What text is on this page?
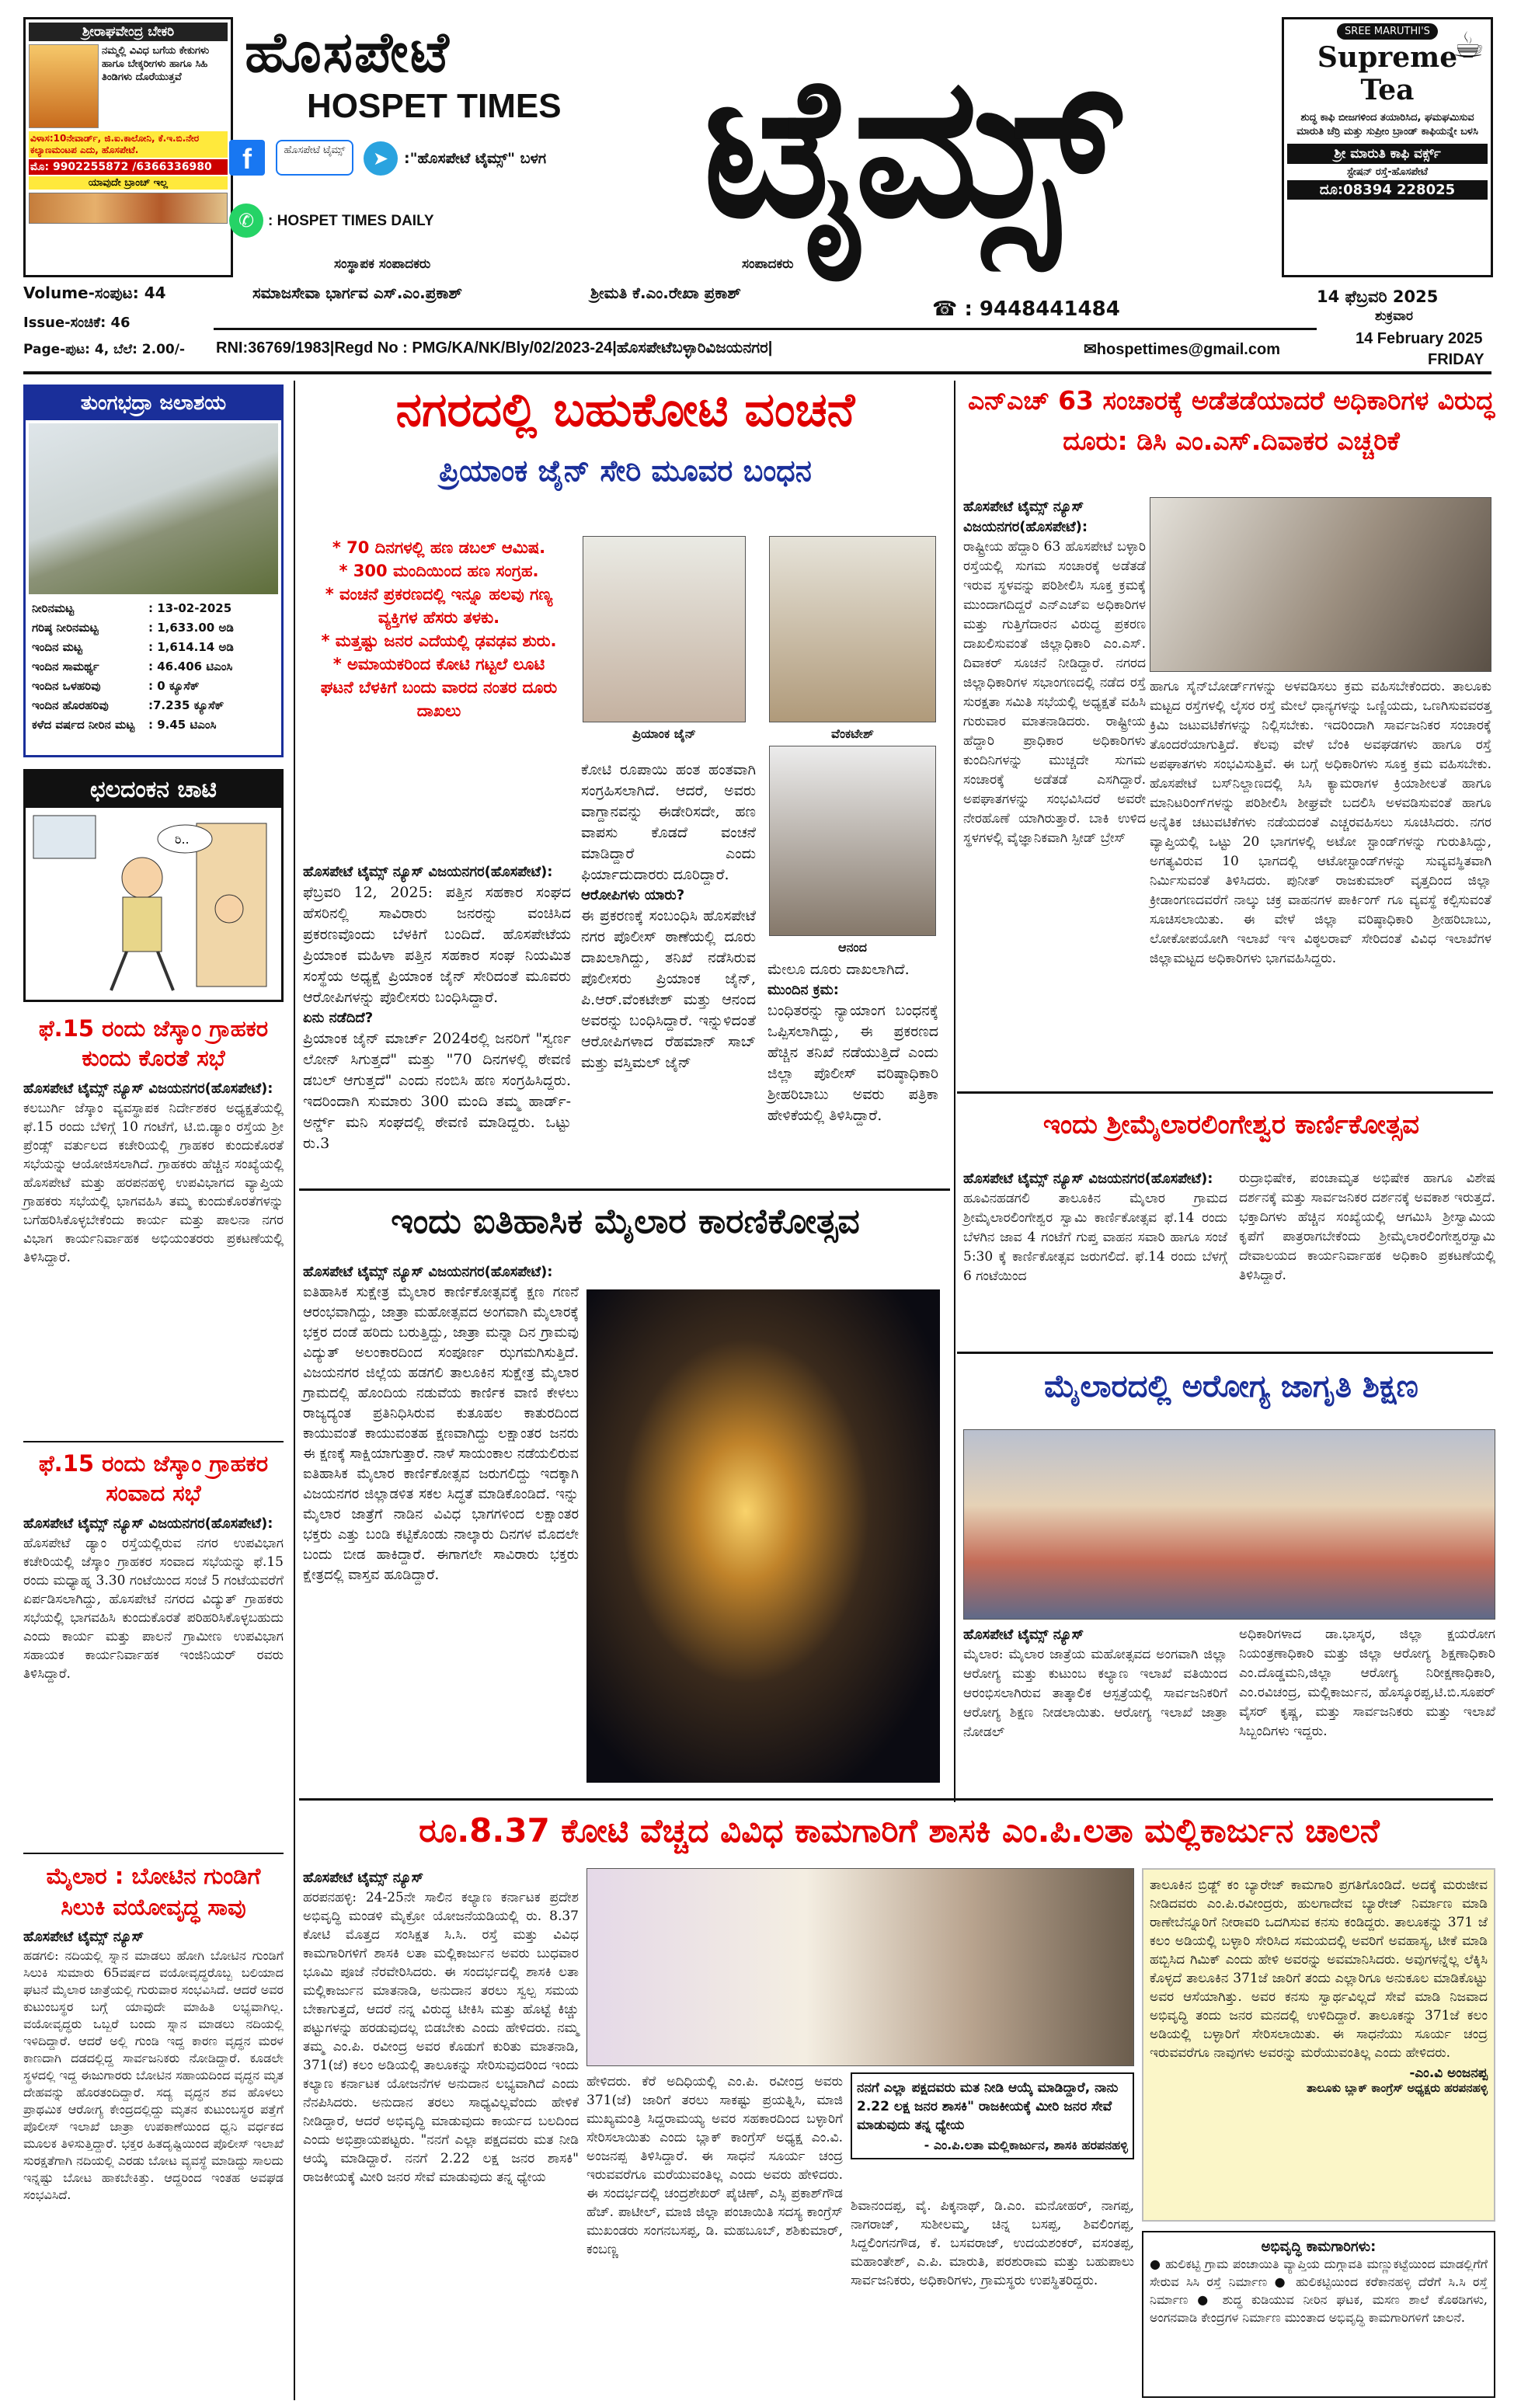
ಶ್ರೀರಾಘವೇಂದ್ರ ಬೇಕರಿ
ನಮ್ಮಲ್ಲಿ ವಿವಿಧ ಬಗೆಯ ಕೇಕುಗಳು ಹಾಗೂ ಬೇಕ್ಕರೀಗಳು ಹಾಗೂ ಸಿಹಿ ತಿಂಡಿಗಳು ದೊರೆಯುತ್ತವೆ
ವಿಳಾಸ:10ನೇವಾರ್ಡ್, ಜಿ.ಐ.ಕಾಲೋನಿ, ಕೆ.ಇ.ಬಿ.ನೇರ ಕಲ್ಯಾಣಮಂಟಪ ಎದು, ಹೊಸಪೇಟೆ.
ಮೊ: 9902255872 /6366336980
ಯಾವುದೇ ಬ್ರಾಂಚ್ ಇಲ್ಲ
ಹೊಸಪೇಟೆ
HOSPET TIMES ಟೈಮ್ಸ್
f	ಹೊಸಪೇಟೆ ಟೈಮ್ಸ್	➤	:"ಹೊಸಪೇಟೆ ಟೈಮ್ಸ್" ಬಳಗ
✆ : HOSPET TIMES DAILY
ಸಂಸ್ಥಾಪಕ ಸಂಪಾದಕರು	ಸಂಪಾದಕರು
ಸಮಾಜಸೇವಾ ಭಾರ್ಗವ ಎಸ್.ಎಂ.ಪ್ರಕಾಶ್	ಶ್ರೀಮತಿ ಕೆ.ಎಂ.ರೇಖಾ ಪ್ರಕಾಶ್
☎ : 9448441484
SREE MARUTHI'S
Supreme Tea
☕
ಶುದ್ಧ ಕಾಫಿ ಬೀಜಗಳಿಂದ ತಯಾರಿಸಿದ, ಘಮಘಮಿಸುವ ಮಾರುತಿ ಚೆರ್ರಿ ಮತ್ತು ಸುಪ್ರೀಂ ಬ್ರಾಂಡ್ ಕಾಫಿಯನ್ನೇ ಬಳಸಿ
ಶ್ರೀ ಮಾರುತಿ ಕಾಫಿ ವರ್ಕ್ಸ್
ಸ್ಟೇಷನ್ ರಸ್ತೆ-ಹೊಸಪೇಟೆ
ದೂ:08394 228025
14 ಫೆಬ್ರವರಿ 2025
ಶುಕ್ರವಾರ
Volume-ಸಂಪುಟ: 44
Issue-ಸಂಚಿಕೆ: 46
Page-ಪುಟ: 4, ಬೆಲೆ: 2.00/- RNI:36769/1983|Regd No : PMG/KA/NK/Bly/02/2023-24|ಹೊಸಪೇಟೆಬಳ್ಳಾರಿವಿಜಯನಗರ|	✉hospettimes@gmail.com
14 February 2025
FRIDAY
ತುಂಗಭದ್ರಾ ಜಲಾಶಯ
ನೀರಿನಮಟ್ಟ	: 13-02-2025
ಗರಿಷ್ಠ ನೀರಿನಮಟ್ಟ	: 1,633.00 ಅಡಿ
ಇಂದಿನ ಮಟ್ಟ	: 1,614.14 ಅಡಿ
ಇಂದಿನ ಸಾಮರ್ಥ್ಯ	: 46.406 ಟಿಎಂಸಿ
ಇಂದಿನ ಒಳಹರಿವು	: 0 ಕ್ಯೂಸೆಕ್
ಇಂದಿನ ಹೊರಹರಿವು	:7.235 ಕ್ಯೂಸೆಕ್
ಕಳೆದ ವರ್ಷದ ನೀರಿನ ಮಟ್ಟ	: 9.45 ಟಿಎಂಸಿ
ಛಲದಂಕನ ಚಾಟಿ
ರಿ..
ಫೆ.15 ರಂದು ಜೆಸ್ಕಾಂ ಗ್ರಾಹಕರ ಕುಂದು ಕೊರತೆ ಸಭೆ
ಹೊಸಪೇಟೆ ಟೈಮ್ಸ್ ನ್ಯೂಸ್ ವಿಜಯನಗರ(ಹೊಸಪೇಟೆ):
ಕಲಬುರ್ಗಿ ಜೆಸ್ಕಾಂ ವ್ಯವಸ್ಥಾಪಕ ನಿರ್ದೇಶಕರ ಅಧ್ಯಕ್ಷತೆಯಲ್ಲಿ ಫೆ.15 ರಂದು ಬೆಳಿಗ್ಗೆ 10 ಗಂಟೆಗೆ, ಟಿ.ಬಿ.ಡ್ಯಾಂ ರಸ್ತೆಯ ಶ್ರೀ ಪ್ರೆಂಡ್ಸ್ ವರ್ತುಲದ ಕಚೇರಿಯಲ್ಲಿ ಗ್ರಾಹಕರ ಕುಂದುಕೊರತೆ ಸಭೆಯನ್ನು ಆಯೋಜಿಸಲಾಗಿದೆ. ಗ್ರಾಹಕರು ಹೆಚ್ಚಿನ ಸಂಖ್ಯೆಯಲ್ಲಿ ಹೊಸಪೇಟೆ ಮತ್ತು ಹರಪನಹಳ್ಳಿ ಉಪವಿಭಾಗದ ವ್ಯಾಪ್ತಿಯ ಗ್ರಾಹಕರು ಸಭೆಯಲ್ಲಿ ಭಾಗವಹಿಸಿ ತಮ್ಮ ಕುಂದುಕೊರತೆಗಳನ್ನು ಬಗೆಹರಿಸಿಕೊಳ್ಳಬೇಕೆಂದು ಕಾರ್ಯ ಮತ್ತು ಪಾಲನಾ ನಗರ ವಿಭಾಗ ಕಾರ್ಯನಿರ್ವಾಹಕ ಅಭಿಯಂತರರು ಪ್ರಕಟಣೆಯಲ್ಲಿ ತಿಳಿಸಿದ್ದಾರೆ.
ಫೆ.15 ರಂದು ಜೆಸ್ಕಾಂ ಗ್ರಾಹಕರ ಸಂವಾದ ಸಭೆ
ಹೊಸಪೇಟೆ ಟೈಮ್ಸ್ ನ್ಯೂಸ್ ವಿಜಯನಗರ(ಹೊಸಪೇಟೆ):
ಹೊಸಪೇಟೆ ಡ್ಯಾಂ ರಸ್ತೆಯಲ್ಲಿರುವ ನಗರ ಉಪವಿಭಾಗ ಕಚೇರಿಯಲ್ಲಿ ಜೆಸ್ಕಾಂ ಗ್ರಾಹಕರ ಸಂವಾದ ಸಭೆಯನ್ನು ಫೆ.15 ರಂದು ಮಧ್ಯಾಹ್ನ 3.30 ಗಂಟೆಯಿಂದ ಸಂಜೆ 5 ಗಂಟೆಯವರೆಗೆ ಏರ್ಪಡಿಸಲಾಗಿದ್ದು, ಹೊಸಪೇಟೆ ನಗರದ ವಿದ್ಯುತ್ ಗ್ರಾಹಕರು ಸಭೆಯಲ್ಲಿ ಭಾಗವಹಿಸಿ ಕುಂದುಕೊರತೆ ಪರಿಹರಿಸಿಕೊಳ್ಳಬಹುದು ಎಂದು ಕಾರ್ಯ ಮತ್ತು ಪಾಲನೆ ಗ್ರಾಮೀಣ ಉಪವಿಭಾಗ ಸಹಾಯಕ ಕಾರ್ಯನಿರ್ವಾಹಕ ಇಂಜಿನಿಯರ್ ರವರು ತಿಳಿಸಿದ್ದಾರೆ.
ಮೈಲಾರ : ಬೋಟಿನ ಗುಂಡಿಗೆ ಸಿಲುಕಿ ವಯೋವೃದ್ಧ ಸಾವು
ಹೊಸಪೇಟೆ ಟೈಮ್ಸ್ ನ್ಯೂಸ್
ಹಡಗಲಿ: ನದಿಯಲ್ಲಿ ಸ್ನಾನ ಮಾಡಲು ಹೋಗಿ ಬೋಟಿನ ಗುಂಡಿಗೆ ಸಿಲುಕಿ ಸುಮಾರು 65ವರ್ಷದ ವಯೋವೃದ್ಧರೊಬ್ಬ ಬಲಿಯಾದ ಘಟನೆ ಮೈಲಾರ ಜಾತ್ರೆಯಲ್ಲಿ ಗುರುವಾರ ಸಂಭವಿಸಿದೆ. ಆದರೆ ಅವರ ಕುಟುಂಬಸ್ಥರ ಬಗ್ಗೆ ಯಾವುದೇ ಮಾಹಿತಿ ಲಭ್ಯವಾಗಿಲ್ಲ. ವಯೋವೃದ್ಧರು ಒಬ್ಬರೆ ಬಂದು ಸ್ನಾನ ಮಾಡಲು ನದಿಯಲ್ಲಿ ಇಳಿದಿದ್ದಾರೆ. ಆದರೆ ಅಲ್ಲಿ ಗುಂಡಿ ಇದ್ದ ಕಾರಣ ವೃದ್ಧನ ಮರಳ ಕಾಣದಾಗಿ ದಡದಲ್ಲಿದ್ದ ಸಾರ್ವಜನಿಕರು ನೋಡಿದ್ದಾರೆ. ಕೂಡಲೇ ಸ್ಥಳದಲ್ಲಿ ಇದ್ದ ಈಜುಗಾರರು ಬೋಟಿನ ಸಹಾಯದಿಂದ ವೃದ್ಧನ ಮೃತ ದೇಹವನ್ನು ಹೊರತಂದಿದ್ದಾರೆ. ಸದ್ಯ ವೃದ್ಧನ ಶವ ಹೊಳಲು ಪ್ರಾಥಮಿಕ ಆರೋಗ್ಯ ಕೇಂದ್ರದಲ್ಲಿದ್ದು ಮೃತನ ಕುಟುಂಬಸ್ಥರ ಪತ್ತೆಗೆ ಪೊಲೀಸ್ ಇಲಾಖೆ ಜಾತ್ರಾ ಉಪಕಾಣೆಯಿಂದ ಧ್ವನಿ ವರ್ಧಕದ ಮೂಲಕ ತಿಳಿಸುತ್ತಿದ್ದಾರೆ. ಭಕ್ತರ ಹಿತದೃಷ್ಟಿಯಿಂದ ಪೊಲೀಸ್ ಇಲಾಖೆ ಸುರಕ್ಷತೆಗಾಗಿ ನದಿಯಲ್ಲಿ ಎರಡು ಬೋಟ ವ್ಯವಸ್ಥೆ ಮಾಡಿದ್ದು ಸಾಲದು ಇನ್ನಷ್ಟು ಬೋಟ ಹಾಕಬೇಕಿತ್ತು. ಆದ್ದರಿಂದ ಇಂತಹ ಅವಘಡ ಸಂಭವಿಸಿದೆ.
ನಗರದಲ್ಲಿ ಬಹುಕೋಟಿ ವಂಚನೆ
ಪ್ರಿಯಾಂಕ ಜೈನ್ ಸೇರಿ ಮೂವರ ಬಂಧನ
* 70 ದಿನಗಳಲ್ಲಿ ಹಣ ಡಬಲ್ ಆಮಿಷ.
* 300 ಮಂದಿಯಿಂದ ಹಣ ಸಂಗ್ರಹ.
* ವಂಚನೆ ಪ್ರಕರಣದಲ್ಲಿ ಇನ್ನೂ ಹಲವು ಗಣ್ಯ ವ್ಯಕ್ತಿಗಳ ಹೆಸರು ತಳಕು.
* ಮತ್ತಷ್ಟು ಜನರ ಎದೆಯಲ್ಲಿ ಢವಢವ ಶುರು.
* ಅಮಾಯಕರಿಂದ ಕೋಟಿ ಗಟ್ಟಲೆ ಲೂಟಿ
ಘಟನೆ ಬೆಳಕಿಗೆ ಬಂದು ವಾರದ ನಂತರ ದೂರು ದಾಖಲು
ಪ್ರಿಯಾಂಕ ಜೈನ್	ವೆಂಕಟೇಶ್
ಆನಂದ
ಹೊಸಪೇಟೆ ಟೈಮ್ಸ್ ನ್ಯೂಸ್ ವಿಜಯನಗರ(ಹೊಸಪೇಟೆ):
ಫೆಬ್ರವರಿ 12, 2025: ಪತ್ತಿನ ಸಹಕಾರ ಸಂಘದ ಹೆಸರಿನಲ್ಲಿ ಸಾವಿರಾರು ಜನರನ್ನು ವಂಚಿಸಿದ ಪ್ರಕರಣವೊಂದು ಬೆಳಕಿಗೆ ಬಂದಿದೆ. ಹೊಸಪೇಟೆಯ ಪ್ರಿಯಾಂಕ ಮಹಿಳಾ ಪತ್ತಿನ ಸಹಕಾರ ಸಂಘ ನಿಯಮಿತ ಸಂಸ್ಥೆಯ ಅಧ್ಯಕ್ಷೆ ಪ್ರಿಯಾಂಕ ಜೈನ್ ಸೇರಿದಂತೆ ಮೂವರು ಆರೋಪಿಗಳನ್ನು ಪೊಲೀಸರು ಬಂಧಿಸಿದ್ದಾರೆ.
ಏನು ನಡೆದಿದೆ?
ಪ್ರಿಯಾಂಕ ಜೈನ್ ಮಾರ್ಚ್ 2024ರಲ್ಲಿ ಜನರಿಗೆ "ಸ್ವರ್ಣ ಲೋನ್ ಸಿಗುತ್ತದೆ" ಮತ್ತು "70 ದಿನಗಳಲ್ಲಿ ಠೇವಣಿ ಡಬಲ್ ಆಗುತ್ತದೆ" ಎಂದು ನಂಬಿಸಿ ಹಣ ಸಂಗ್ರಹಿಸಿದ್ದರು. ಇದರಿಂದಾಗಿ ಸುಮಾರು 300 ಮಂದಿ ತಮ್ಮ ಹಾರ್ಡ್-ಅರ್ನ್ಡ್ ಮನಿ ಸಂಘದಲ್ಲಿ ಠೇವಣಿ ಮಾಡಿದ್ದರು. ಒಟ್ಟು ರು.3
ಕೋಟಿ ರೂಪಾಯಿ ಹಂತ ಹಂತವಾಗಿ ಸಂಗ್ರಹಿಸಲಾಗಿದೆ. ಆದರೆ, ಅವರು ವಾಗ್ದಾನವನ್ನು ಈಡೇರಿಸದೇ, ಹಣ ವಾಪಸು ಕೊಡದೆ ವಂಚನೆ ಮಾಡಿದ್ದಾರೆ ಎಂದು ಫಿರ್ಯಾದುದಾರರು ದೂರಿದ್ದಾರೆ.
ಆರೋಪಿಗಳು ಯಾರು?
ಈ ಪ್ರಕರಣಕ್ಕೆ ಸಂಬಂಧಿಸಿ ಹೊಸಪೇಟೆ ನಗರ ಪೊಲೀಸ್ ಠಾಣೆಯಲ್ಲಿ ದೂರು ದಾಖಲಾಗಿದ್ದು, ತನಿಖೆ ನಡೆಸಿರುವ ಪೊಲೀಸರು ಪ್ರಿಯಾಂಕ ಜೈನ್, ಪಿ.ಆರ್.ವೆಂಕಟೇಶ್ ಮತ್ತು ಆನಂದ ಅವರನ್ನು ಬಂಧಿಸಿದ್ದಾರೆ. ಇನ್ನುಳಿದಂತೆ ಆರೋಪಿಗಳಾದ ರೆಹಮಾನ್ ಸಾಬ್ ಮತ್ತು ವಸ್ತಿಮಲ್ ಜೈನ್
ಮೇಲೂ ದೂರು ದಾಖಲಾಗಿದೆ.
ಮುಂದಿನ ಕ್ರಮ:
ಬಂಧಿತರನ್ನು ನ್ಯಾಯಾಂಗ ಬಂಧನಕ್ಕೆ ಒಪ್ಪಿಸಲಾಗಿದ್ದು, ಈ ಪ್ರಕರಣದ ಹೆಚ್ಚಿನ ತನಿಖೆ ನಡೆಯುತ್ತಿದೆ ಎಂದು ಜಿಲ್ಲಾ ಪೊಲೀಸ್ ವರಿಷ್ಠಾಧಿಕಾರಿ ಶ್ರೀಹರಿಬಾಬು ಅವರು ಪತ್ರಿಕಾ ಹೇಳಿಕೆಯಲ್ಲಿ ತಿಳಿಸಿದ್ದಾರೆ.
ಇಂದು ಐತಿಹಾಸಿಕ ಮೈಲಾರ ಕಾರಣಿಕೋತ್ಸವ
ಹೊಸಪೇಟೆ ಟೈಮ್ಸ್ ನ್ಯೂಸ್ ವಿಜಯನಗರ(ಹೊಸಪೇಟೆ):
ಐತಿಹಾಸಿಕ ಸುಕ್ಷೇತ್ರ ಮೈಲಾರ ಕಾರ್ಣಿಕೋತ್ಸವಕ್ಕೆ ಕ್ಷಣ ಗಣನೆ ಆರಂಭವಾಗಿದ್ದು, ಜಾತ್ರಾ ಮಹೋತ್ಸವದ ಅಂಗವಾಗಿ ಮೈಲಾರಕ್ಕೆ ಭಕ್ತರ ದಂಡೆ ಹರಿದು ಬರುತ್ತಿದ್ದು, ಜಾತ್ರಾ ಮನ್ನಾ ದಿನ ಗ್ರಾಮವು ವಿದ್ಯುತ್ ಅಲಂಕಾರದಿಂದ ಸಂಪೂರ್ಣ ಝಗಮಗಿಸುತ್ತಿದೆ. ವಿಜಯನಗರ ಜಿಲ್ಲೆಯ ಹಡಗಲಿ ತಾಲೂಕಿನ ಸುಕ್ಷೇತ್ರ ಮೈಲಾರ ಗ್ರಾಮದಲ್ಲಿ ಹೊಂದಿಯ ನಡುವೆಯ ಕಾರ್ಣಿಕ ವಾಣಿ ಕೇಳಲು ರಾಜ್ಯದ್ಯಂತ ಪ್ರತಿನಿಧಿಸಿರುವ ಕುತೂಹಲ ಕಾತುರದಿಂದ ಕಾಯುವಂತೆ ಕಾಯುವಂತಹ ಕ್ಷಣವಾಗಿದ್ದು ಲಕ್ಷಾಂತರ ಜನರು ಈ ಕ್ಷಣಕ್ಕೆ ಸಾಕ್ಷಿಯಾಗುತ್ತಾರೆ. ನಾಳೆ ಸಾಯಂಕಾಲ ನಡೆಯಲಿರುವ ಐತಿಹಾಸಿಕ ಮೈಲಾರ ಕಾರ್ಣಿಕೋತ್ಸವ ಜರುಗಲಿದ್ದು ಇದಕ್ಕಾಗಿ ವಿಜಯನಗರ ಜಿಲ್ಲಾಡಳಿತ ಸಕಲ ಸಿದ್ಧತೆ ಮಾಡಿಕೊಂಡಿದೆ. ಇನ್ನು ಮೈಲಾರ ಜಾತ್ರೆಗೆ ನಾಡಿನ ವಿವಿಧ ಭಾಗಗಳಿಂದ ಲಕ್ಷಾಂತರ ಭಕ್ತರು ಎತ್ತು ಬಂಡಿ ಕಟ್ಟಿಕೊಂಡು ನಾಲ್ಕಾರು ದಿನಗಳ ಮೊದಲೇ ಬಂದು ಬೀಡ ಹಾಕಿದ್ದಾರೆ. ಈಗಾಗಲೇ ಸಾವಿರಾರು ಭಕ್ತರು ಕ್ಷೇತ್ರದಲ್ಲಿ ವಾಸ್ತವ ಹೂಡಿದ್ದಾರೆ.
ಎನ್‌ಎಚ್ 63 ಸಂಚಾರಕ್ಕೆ ಅಡೆತಡೆಯಾದರೆ ಅಧಿಕಾರಿಗಳ ವಿರುದ್ಧ ದೂರು: ಡಿಸಿ ಎಂ.ಎಸ್.ದಿವಾಕರ ಎಚ್ಚರಿಕೆ
ಹೊಸಪೇಟೆ ಟೈಮ್ಸ್ ನ್ಯೂಸ್ ವಿಜಯನಗರ(ಹೊಸಪೇಟೆ):
ರಾಷ್ಟ್ರೀಯ ಹೆದ್ದಾರಿ 63 ಹೊಸಪೇಟೆ ಬಳ್ಳಾರಿ ರಸ್ತೆಯಲ್ಲಿ ಸುಗಮ ಸಂಚಾರಕ್ಕೆ ಅಡೆತಡೆ ಇರುವ ಸ್ಥಳವನ್ನು ಪರಿಶೀಲಿಸಿ ಸೂಕ್ತ ಕ್ರಮಕ್ಕೆ ಮುಂದಾಗದಿದ್ದರೆ ಎನ್‌ಎಚ್ಐ ಅಧಿಕಾರಿಗಳ ಮತ್ತು ಗುತ್ತಿಗೆದಾರನ ವಿರುದ್ಧ ಪ್ರಕರಣ ದಾಖಲಿಸುವಂತೆ ಜಿಲ್ಲಾಧಿಕಾರಿ ಎಂ.ಎಸ್. ದಿವಾಕರ್ ಸೂಚನೆ ನೀಡಿದ್ದಾರೆ. ನಗರದ ಜಿಲ್ಲಾಧಿಕಾರಿಗಳ ಸಭಾಂಗಣದಲ್ಲಿ ನಡೆದ ರಸ್ತೆ ಸುರಕ್ಷತಾ ಸಮಿತಿ ಸಭೆಯಲ್ಲಿ ಅಧ್ಯಕ್ಷತೆ ವಹಿಸಿ ಗುರುವಾರ ಮಾತನಾಡಿದರು. ರಾಷ್ಟ್ರೀಯ ಹೆದ್ದಾರಿ ಪ್ರಾಧಿಕಾರ ಅಧಿಕಾರಿಗಳು ಕುಂದಿನಿಗಳನ್ನು ಮುಚ್ಚದೇ ಸುಗಮ ಸಂಚಾರಕ್ಕೆ ಅಡೆತಡೆ ಎಸಗಿದ್ದಾರೆ. ಅಪಘಾತಗಳನ್ನು ಸಂಭವಿಸಿದರೆ ಅವರೇ ನೇರಹೊಣೆ ಯಾಗಿರುತ್ತಾರೆ. ಬಾಕಿ ಉಳಿದ ಸ್ಥಳಗಳಲ್ಲಿ ವೈಜ್ಞಾನಿಕವಾಗಿ ಸ್ಪೀಡ್ ಬ್ರೇಸ್
ಹಾಗೂ ಸೈನ್‌ಬೋರ್ಡ್‌ಗಳನ್ನು ಅಳವಡಿಸಲು ಕ್ರಮ ವಹಿಸಬೇಕೆಂದರು. ತಾಲೂಕು ಮಟ್ಟದ ರಸ್ತೆಗಳಲ್ಲಿ ಲೈಸರ ರಸ್ತೆ ಮೇಲೆ ಧಾನ್ಯಗಳನ್ನು ಒಣ್ಣಿಯದು, ಒಣಗಿಸುವವರತ್ತ ಕ್ರಿಮಿ ಜಟುವಟಿಕೆಗಳನ್ನು ನಿಲ್ಲಿಸಬೇಕು. ಇದರಿಂದಾಗಿ ಸಾರ್ವಜನಿಕರ ಸಂಚಾರಕ್ಕೆ ತೊಂದರೆಯಾಗುತ್ತಿದೆ. ಕೆಲವು ವೇಳೆ ಬೆಂಕಿ ಅವಘಡಗಳು ಹಾಗೂ ರಸ್ತೆ ಅಪಘಾತಗಳು ಸಂಭವಿಸುತ್ತಿವೆ. ಈ ಬಗ್ಗೆ ಅಧಿಕಾರಿಗಳು ಸೂಕ್ತ ಕ್ರಮ ವಹಿಸಬೇಕು. ಹೊಸಪೇಟೆ ಬಸ್‌ನಿಲ್ದಾಣದಲ್ಲಿ ಸಿಸಿ ಕ್ಯಾಮರಾಗಳ ಕ್ರಿಯಾಶೀಲತೆ ಹಾಗೂ ಮಾನಿಟರಿಂಗ್‌ಗಳನ್ನು ಪರಿಶೀಲಿಸಿ ಶೀಘ್ರವೇ ಬದಲಿಸಿ ಅಳವಡಿಸುವಂತೆ ಹಾಗೂ ಅನೈತಿಕ ಚಟುವಟಿಕೆಗಳು ನಡೆಯದಂತೆ ಎಚ್ಚರವಹಿಸಲು ಸೂಚಿಸಿದರು. ನಗರ ವ್ಯಾಪ್ತಿಯಲ್ಲಿ ಒಟ್ಟು 20 ಭಾಗಗಳಲ್ಲಿ ಅಟೋ ಸ್ಟಾಂಡ್‌ಗಳನ್ನು ಗುರುತಿಸಿದ್ದು, ಅಗತ್ಯವಿರುವ 10 ಭಾಗದಲ್ಲಿ ಆಟೋಸ್ಟಾಂಡ್‌ಗಳನ್ನು ಸುವ್ಯವಸ್ಥಿತವಾಗಿ ನಿರ್ಮಿಸುವಂತೆ ತಿಳಿಸಿದರು. ಪುನೀತ್ ರಾಜಕುಮಾರ್ ವೃತ್ತದಿಂದ ಜಿಲ್ಲಾ ಕ್ರೀಡಾಂಗಣದವರೆಗೆ ನಾಲ್ಕು ಚಕ್ರ ವಾಹನಗಳ ಪಾರ್ಕಿಂಗ್ ಗೂ ವ್ಯವಸ್ಥೆ ಕಲ್ಪಿಸುವಂತೆ ಸೂಚಿಸಲಾಯಿತು. ಈ ವೇಳೆ ಜಿಲ್ಲಾ ವರಿಷ್ಠಾಧಿಕಾರಿ ಶ್ರೀಹರಿಬಾಬು, ಲೋಕೋಪಯೋಗಿ ಇಲಾಖೆ ಇಇ ವಿಠ್ಠಲರಾವ್ ಸೇರಿದಂತೆ ವಿವಿಧ ಇಲಾಖೆಗಳ ಜಿಲ್ಲಾಮಟ್ಟದ ಅಧಿಕಾರಿಗಳು ಭಾಗವಹಿಸಿದ್ದರು.
ಇಂದು ಶ್ರೀಮೈಲಾರಲಿಂಗೇಶ್ವರ ಕಾರ್ಣಿಕೋತ್ಸವ
ಹೊಸಪೇಟೆ ಟೈಮ್ಸ್ ನ್ಯೂಸ್ ವಿಜಯನಗರ(ಹೊಸಪೇಟೆ):
ಹೂವಿನಹಡಗಲಿ ತಾಲೂಕಿನ ಮೈಲಾರ ಗ್ರಾಮದ ಶ್ರೀಮೈಲಾರಲಿಂಗೇಶ್ವರ ಸ್ವಾಮಿ ಕಾರ್ಣಿಕೋತ್ಸವ ಫೆ.14 ರಂದು ಬೆಳಗಿನ ಜಾವ 4 ಗಂಟೆಗೆ ಗುಪ್ತ ವಾಹನ ಸವಾರಿ ಹಾಗೂ ಸಂಜೆ 5:30 ಕ್ಕೆ ಕಾರ್ಣಿಕೋತ್ಸವ ಜರುಗಲಿದೆ. ಫೆ.14 ರಂದು ಬೆಳಗ್ಗೆ 6 ಗಂಟೆಯಿಂದ
ರುದ್ರಾಭಿಷೇಕ, ಪಂಚಾಮೃತ ಅಭಿಷೇಕ ಹಾಗೂ ವಿಶೇಷ ದರ್ಶನಕ್ಕೆ ಮತ್ತು ಸಾರ್ವಜನಿಕರ ದರ್ಶನಕ್ಕೆ ಅವಕಾಶ ಇರುತ್ತದೆ. ಭಕ್ತಾದಿಗಳು ಹೆಚ್ಚಿನ ಸಂಖ್ಯೆಯಲ್ಲಿ ಆಗಮಿಸಿ ಶ್ರೀಸ್ವಾಮಿಯ ಕೃಪೆಗೆ ಪಾತ್ರರಾಗಬೇಕೆಂದು ಶ್ರೀಮೈಲಾರಲಿಂಗೇಶ್ವರಸ್ವಾಮಿ ದೇವಾಲಯದ ಕಾರ್ಯನಿರ್ವಾಹಕ ಅಧಿಕಾರಿ ಪ್ರಕಟಣೆಯಲ್ಲಿ ತಿಳಿಸಿದ್ದಾರೆ.
ಮೈಲಾರದಲ್ಲಿ ಅರೋಗ್ಯ ಜಾಗೃತಿ ಶಿಕ್ಷಣ
ಹೊಸಪೇಟೆ ಟೈಮ್ಸ್ ನ್ಯೂಸ್
ಮೈಲಾರ: ಮೈಲಾರ ಜಾತ್ರೆಯ ಮಹೋತ್ಸವದ ಅಂಗವಾಗಿ ಜಿಲ್ಲಾ ಆರೋಗ್ಯ ಮತ್ತು ಕುಟುಂಬ ಕಲ್ಯಾಣ ಇಲಾಖೆ ವತಿಯಿಂದ ಆರಂಭಿಸಲಾಗಿರುವ ತಾತ್ಕಾಲಿಕ ಆಸ್ಪತ್ರೆಯಲ್ಲಿ ಸಾರ್ವಜನಿಕರಿಗೆ ಆರೋಗ್ಯ ಶಿಕ್ಷಣ ನೀಡಲಾಯಿತು. ಆರೋಗ್ಯ ಇಲಾಖೆ ಜಾತ್ರಾ ನೋಡಲ್
ಅಧಿಕಾರಿಗಳಾದ ಡಾ.ಭಾಸ್ಕರ, ಜಿಲ್ಲಾ ಕ್ಷಯರೋಗ ನಿಯಂತ್ರಣಾಧಿಕಾರಿ ಮತ್ತು ಜಿಲ್ಲಾ ಆರೋಗ್ಯ ಶಿಕ್ಷಣಾಧಿಕಾರಿ ಎಂ.ದೊಡ್ಡಮನಿ,ಜಿಲ್ಲಾ ಆರೋಗ್ಯ ನಿರೀಕ್ಷಣಾಧಿಕಾರಿ, ಎಂ.ರವಿಚಂದ್ರ, ಮಲ್ಲಿಕಾರ್ಜುನ, ಹೊಸ್ಕೂರಪ್ಪ,ಟಿ.ಬಿ.ಸೂಪರ್ ವೈಸರ್ ಕೃಷ್ಣ, ಮತ್ತು ಸಾರ್ವಜನಿಕರು ಮತ್ತು ಇಲಾಖೆ ಸಿಬ್ಬಂದಿಗಳು ಇದ್ದರು.
ರೂ.8.37 ಕೋಟಿ ವೆಚ್ಚದ ವಿವಿಧ ಕಾಮಗಾರಿಗೆ ಶಾಸಕಿ ಎಂ.ಪಿ.ಲತಾ ಮಲ್ಲಿಕಾರ್ಜುನ ಚಾಲನೆ
ಹೊಸಪೇಟೆ ಟೈಮ್ಸ್ ನ್ಯೂಸ್
ಹರಪನಹಳ್ಳಿ: 24-25ನೇ ಸಾಲಿನ ಕಲ್ಯಾಣ ಕರ್ನಾಟಕ ಪ್ರದೇಶ ಅಭಿವೃದ್ಧಿ ಮಂಡಳಿ ಮೈಕ್ರೋ ಯೋಜನೆಯಡಿಯಲ್ಲಿ ರು. 8.37 ಕೋಟಿ ಮೊತ್ತದ ಸಂಸಿಕ್ಷತ ಸಿ.ಸಿ. ರಸ್ತೆ ಮತ್ತು ವಿವಿಧ ಕಾಮಗಾರಿಗಳಿಗೆ ಶಾಸಕಿ ಲತಾ ಮಲ್ಲಿಕಾರ್ಜುನ ಅವರು ಬುಧವಾರ ಭೂಮಿ ಪೂಜೆ ನೆರವೇರಿಸಿದರು. ಈ ಸಂದರ್ಭದಲ್ಲಿ ಶಾಸಕಿ ಲತಾ ಮಲ್ಲಿಕಾರ್ಜುನ ಮಾತನಾಡಿ, ಅನುದಾನ ತರಲು ಸ್ವಲ್ಪ ಸಮಯ ಬೇಕಾಗುತ್ತದೆ, ಆದರೆ ನನ್ನ ವಿರುದ್ಧ ಟೀಕಿಸಿ ಮತ್ತು ಹೊಟ್ಟೆ ಕಿಚ್ಚು ಪಟ್ಟುಗಳನ್ನು ಹರಡುವುದಲ್ಲ ಬಿಡಬೇಕು ಎಂದು ಹೇಳಿದರು. ನಮ್ಮ ತಮ್ಮ ಎಂ.ಪಿ. ರವೀಂದ್ರ ಅವರ ಕೊಡುಗೆ ಕುರಿತು ಮಾತನಾಡಿ, 371(ಜೆ) ಕಲಂ ಅಡಿಯಲ್ಲಿ ತಾಲೂಕನ್ನು ಸೇರಿಸುವುದರಿಂದ ಇಂದು ಕಲ್ಯಾಣ ಕರ್ನಾಟಕ ಯೋಜನೆಗಳ ಅನುದಾನ ಲಭ್ಯವಾಗಿದೆ ಎಂದು ನೆನಪಿಸಿದರು. ಅನುದಾನ ತರಲು ಸಾಧ್ಯವಿಲ್ಲವೆಂದು ಹೇಳಿಕೆ ನೀಡಿದ್ದಾರೆ, ಆದರೆ ಅಭಿವೃದ್ಧಿ ಮಾಡುವುದು ಕಾರ್ಯದ ಬಲದಿಂದ ಎಂದು ಅಭಿಪ್ರಾಯಪಟ್ಟರು. "ನನಗೆ ಎಲ್ಲಾ ಪಕ್ಷದವರು ಮತ ನೀಡಿ ಆಯ್ಕೆ ಮಾಡಿದ್ದಾರೆ. ನನಗೆ 2.22 ಲಕ್ಷ ಜನರ ಶಾಸಕಿ" ರಾಜಕೀಯಕ್ಕೆ ಮೀರಿ ಜನರ ಸೇವೆ ಮಾಡುವುದು ತನ್ನ ಧ್ಯೇಯ
ಹೇಳಿದರು. ಕೆರೆ ಅದಿಧಿಯಲ್ಲಿ ಎಂ.ಪಿ. ರವೀಂದ್ರ ಅವರು 371(ಜೆ) ಜಾರಿಗೆ ತರಲು ಸಾಕಷ್ಟು ಪ್ರಯತ್ನಿಸಿ, ಮಾಜಿ ಮುಖ್ಯಮಂತ್ರಿ ಸಿದ್ದರಾಮಯ್ಯ ಅವರ ಸಹಕಾರದಿಂದ ಬಳ್ಳಾರಿಗೆ ಸೇರಿಸಲಾಯಿತು ಎಂದು ಬ್ಲಾಕ್ ಕಾಂಗ್ರೆಸ್ ಅಧ್ಯಕ್ಷ ಎಂ.ವಿ. ಅಂಜನಪ್ಪ ತಿಳಿಸಿದ್ದಾರೆ. ಈ ಸಾಧನೆ ಸೂರ್ಯ ಚಂದ್ರ ಇರುವವರೆಗೂ ಮರೆಯುವಂತಿಲ್ಲ ಎಂದು ಅವರು ಹೇಳಿದರು. ಈ ಸಂದರ್ಭದಲ್ಲಿ ಚಂದ್ರಶೇಖರ್ ಪೈಚಿಣ್, ಎಸ್ಸಿ ಪ್ರಕಾಶ್‌ಗೌಡ ಹೆಚ್. ಪಾಟೀಲ್, ಮಾಜಿ ಜಿಲ್ಲಾ ಪಂಚಾಯಿತಿ ಸದಸ್ಯ ಕಾಂಗ್ರೆಸ್ ಮುಖಂಡರು ಸಂಗನಬಸಪ್ಪ, ಡಿ. ಮಹಬೂಬ್, ಶಶಿಕುಮಾರ್, ಕಂಬಣ್ಣ
ನನಗೆ ಎಲ್ಲಾ ಪಕ್ಷದವರು ಮತ ನೀಡಿ ಆಯ್ಕೆ ಮಾಡಿದ್ದಾರೆ, ನಾನು 2.22 ಲಕ್ಷ ಜನರ ಶಾಸಕಿ" ರಾಜಕೀಯಕ್ಕೆ ಮೀರಿ ಜನರ ಸೇವೆ ಮಾಡುವುದು ತನ್ನ ಧ್ಯೇಯ
- ಎಂ.ಪಿ.ಲತಾ ಮಲ್ಲಿಕಾರ್ಜುನ, ಶಾಸಕಿ ಹರಪನಹಳ್ಳಿ
ಶಿವಾನಂದಪ್ಪ, ವೈ. ಪಿಕ್ಕನಾಥ್, ಡಿ.ಎಂ. ಮನೋಹರ್, ನಾಗಪ್ಪ, ನಾಗರಾಜ್, ಸುಶೀಲಮ್ಮ, ಚಿನ್ನ ಬಸಪ್ಪ, ಶಿವಲಿಂಗಪ್ಪ, ಸಿದ್ದಲಿಂಗನಗೌಡ, ಕೆ. ಬಸವರಾಜ್, ಉದಯಶಂಕರ್, ವಸಂತಪ್ಪ, ಮಹಾಂತೇಶ್, ಎ.ಪಿ. ಮಾರುತಿ, ಪರಶುರಾಮ ಮತ್ತು ಬಹುಪಾಲು ಸಾರ್ವಜನಿಕರು, ಅಧಿಕಾರಿಗಳು, ಗ್ರಾಮಸ್ಥರು ಉಪಸ್ಥಿತರಿದ್ದರು.
ತಾಲೂಕಿನ ಬ್ರಿಡ್ಜ್ ಕಂ ಬ್ಯಾರೇಜ್ ಕಾಮಗಾರಿ ಪ್ರಗತಿಗೊಂಡಿದೆ. ಅದಕ್ಕೆ ಮರುಜೀವ ನೀಡಿದವರು ಎಂ.ಪಿ.ರವೀಂದ್ರರು, ಹುಲಗಾದೇವ ಬ್ಯಾರೇಜ್ ನಿರ್ಮಾಣ ಮಾಡಿ ರಾಣೇಬೆನ್ನೂರಿಗೆ ನೀರಾವರಿ ಒದಗಿಸುವ ಕನಸು ಕಂಡಿದ್ದರು. ತಾಲೂಕನ್ನು 371 ಜೆ ಕಲಂ ಅಡಿಯಲ್ಲಿ ಬಳ್ಳಾರಿ ಸೇರಿಸಿದ ಸಮಯದಲ್ಲಿ ಅವರಿಗೆ ಅವಹಾಸ್ಯ, ಟೀಕೆ ಮಾಡಿ ಹಬ್ಬಿಸಿದ ಗಿಮಿಕ್ ಎಂದು ಹೇಳಿ ಅವರನ್ನು ಅವಮಾನಿಸಿದರು. ಅವುಗಳನ್ನೆಲ್ಲ ಲೆಕ್ಕಿಸಿ ಕೊಳ್ಳದೆ ತಾಲೂಕಿನ 371ಜೆ ಜಾರಿಗೆ ತಂದು ಎಲ್ಲಾರಿಗೂ ಅನುಕೂಲ ಮಾಡಿಕೊಟ್ಟು ಅವರ ಆಸೆಯಾಗಿತ್ತು. ಅವರ ಕನಸು ಸ್ವಾರ್ಥವಿಲ್ಲದೆ ಸೇವೆ ಮಾಡಿ ನಿಜವಾದ ಅಭಿವೃದ್ಧಿ ತಂದು ಜನರ ಮನದಲ್ಲಿ ಉಳಿದಿದ್ದಾರೆ. ತಾಲೂಕನ್ನು 371ಜೆ ಕಲಂ ಅಡಿಯಲ್ಲಿ ಬಳ್ಳಾರಿಗೆ ಸೇರಿಸಲಾಯಿತು. ಈ ಸಾಧನೆಯು ಸೂರ್ಯ ಚಂದ್ರ ಇರುವವರೆಗೂ ನಾವುಗಳು ಅವರನ್ನು ಮರೆಯುವಂತಿಲ್ಲ ಎಂದು ಹೇಳಿದರು.
-ಎಂ.ವಿ ಅಂಜನಪ್ಪ
ತಾಲೂಕು ಬ್ಲಾಕ್ ಕಾಂಗ್ರೆಸ್ ಅಧ್ಯಕ್ಷರು ಹರಪನಹಳ್ಳಿ
ಅಭಿವೃದ್ಧಿ ಕಾಮಗಾರಿಗಳು:
● ಹುಲಿಕಟ್ಟಿ ಗ್ರಾಮ ಪಂಚಾಯಿತಿ ವ್ಯಾಪ್ತಿಯ ದುಗ್ಗಾವತಿ ಮಣ್ಣುಕಟ್ಟೆಯಿಂದ ಮಾಡಲ್ಲಿಗೆಗೆ ಸೇರುವ ಸಿಸಿ ರಸ್ತೆ ನಿರ್ಮಾಣ ● ಹುಲಿಕಟ್ಟಿಯಿಂದ ಕರೆಕಾನಹಳ್ಳಿ ದೆರೆಗೆ ಸಿ.ಸಿ ರಸ್ತೆ ನಿರ್ಮಾಣ ● ಶುದ್ಧ ಕುಡಿಯುವ ನೀರಿನ ಘಟಕ, ಮಸಣ ಶಾಲೆ ಕೊಠಡಿಗಳು, ಅಂಗನವಾಡಿ ಕೇಂದ್ರಗಳ ನಿರ್ಮಾಣ ಮುಂತಾದ ಅಭಿವೃದ್ಧಿ ಕಾಮಗಾರಿಗಳಿಗೆ ಚಾಲನೆ.
